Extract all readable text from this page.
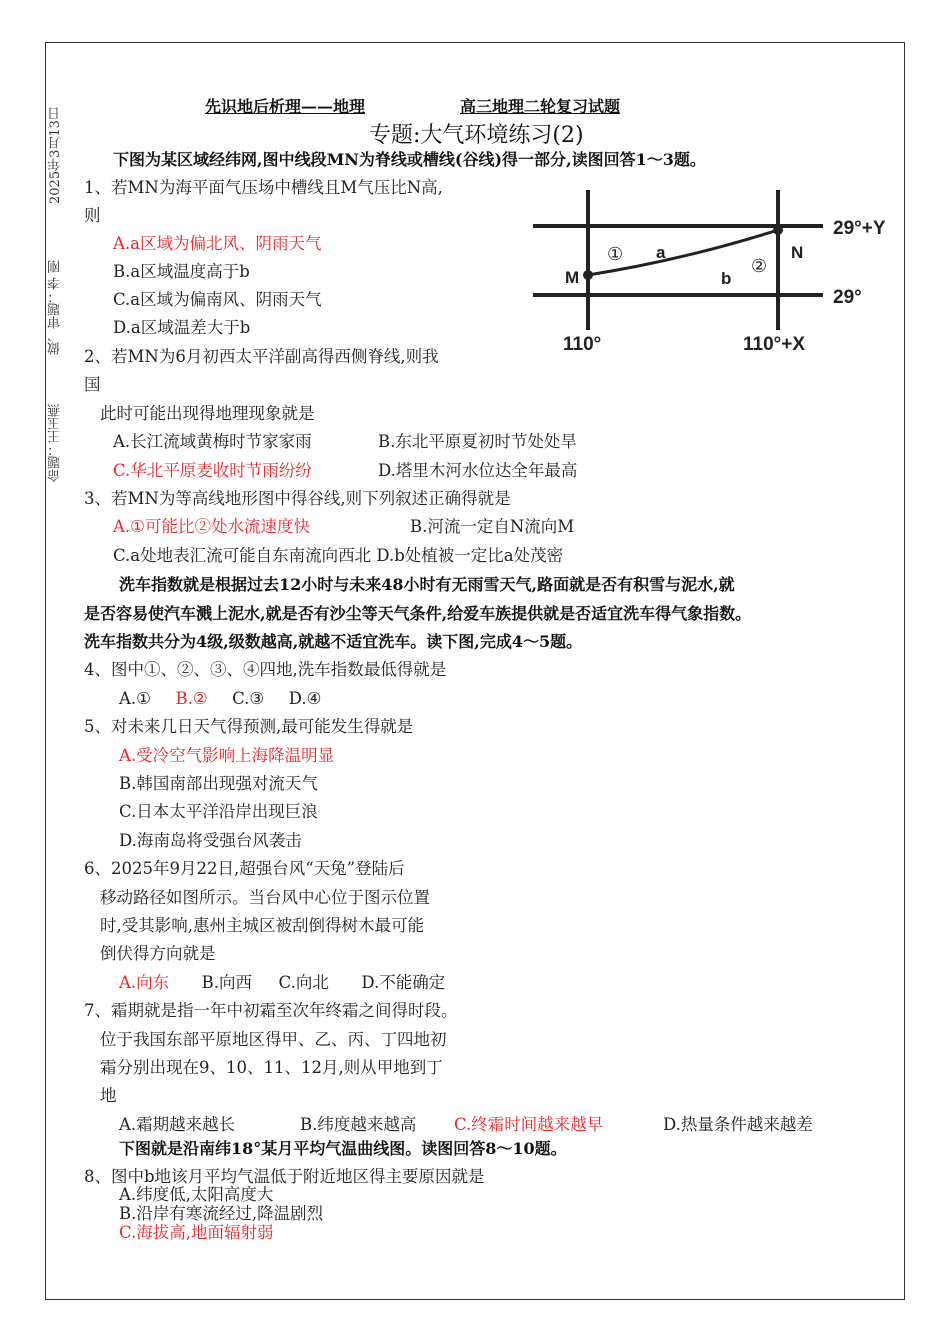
2025年3月13日
做、审题：李 刚
命题：王玉燕
先识地后析理——地理	高三地理二轮复习试题
专题:大气环境练习(2)
下图为某区域经纬网,图中线段MN为脊线或槽线(谷线)得一部分,读图回答1～3题。
1、若MN为海平面气压场中槽线且M气压比N高,
则
A.a区域为偏北风、阴雨天气
B.a区域温度高于b
C.a区域为偏南风、阴雨天气
D.a区域温差大于b
2、若MN为6月初西太平洋副高得西侧脊线,则我
国
此时可能出现得地理现象就是
A.长江流域黄梅时节家家雨	B.东北平原夏初时节处处旱
C.华北平原麦收时节雨纷纷	D.塔里木河水位达全年最高
3、若MN为等高线地形图中得谷线,则下列叙述正确得就是
A.①可能比②处水流速度快	B.河流一定自N流向M
C.a处地表汇流可能自东南流向西北 D.b处植被一定比a处茂密
洗车指数就是根据过去12小时与未来48小时有无雨雪天气,路面就是否有积雪与泥水,就
是否容易使汽车溅上泥水,就是否有沙尘等天气条件,给爱车族提供就是否适宜洗车得气象指数。
洗车指数共分为4级,级数越高,就越不适宜洗车。读下图,完成4～5题。
4、图中①、②、③、④四地,洗车指数最低得就是
A.① B.② C.③ D.④
5、对未来几日天气得预测,最可能发生得就是
A.受冷空气影响上海降温明显
B.韩国南部出现强对流天气
C.日本太平洋沿岸出现巨浪
D.海南岛将受强台风袭击
6、2025年9月22日,超强台风“天兔”登陆后
移动路径如图所示。当台风中心位于图示位置
时,受其影响,惠州主城区被刮倒得树木最可能
倒伏得方向就是
A.向东 B.向西 C.向北 D.不能确定
7、霜期就是指一年中初霜至次年终霜之间得时段。
位于我国东部平原地区得甲、乙、丙、丁四地初
霜分别出现在9、10、11、12月,则从甲地到丁
地
A.霜期越来越长	B.纬度越来越高 C.终霜时间越来越早	D.热量条件越来越差
下图就是沿南纬18°某月平均气温曲线图。读图回答8～10题。
8、图中b地该月平均气温低于附近地区得主要原因就是
A.纬度低,太阳高度大
B.沿岸有寒流经过,降温剧烈
C.海拔高,地面辐射弱
29°+Y
29°
110°	110°+X
M
N
a
b
①
②
